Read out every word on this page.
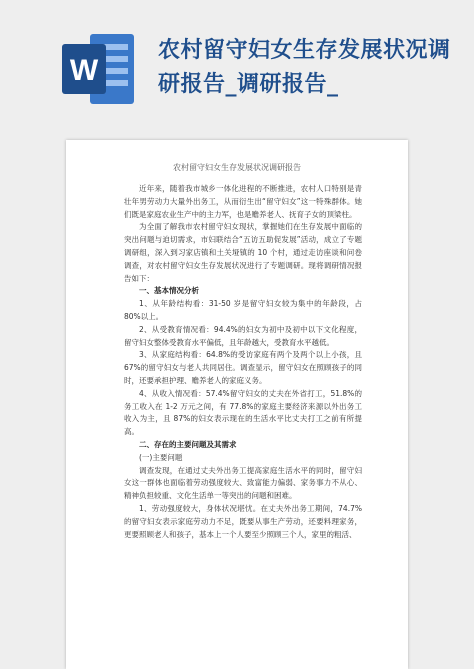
W
农村留守妇女生存发展状况调研报告_调研报告_
农村留守妇女生存发展状况调研报告

近年来，随着我市城乡一体化进程的不断推进，农村人口特别是青壮年男劳动力大量外出务工，从而衍生出“留守妇女”这一特殊群体。她们既是家庭农业生产中的主力军，也是赡养老人、抚育子女的顶梁柱。

为全面了解我市农村留守妇女现状，掌握她们在生存发展中面临的突出问题与迫切需求，市妇联结合“五访五助促发展”活动，成立了专题调研组，深入到习家店镇和土关垭镇的 10 个村，通过走访座谈和问卷调查，对农村留守妇女生存发展状况进行了专题调研。现将调研情况报告如下：

一、基本情况分析

1、从年龄结构看：31-50 岁是留守妇女较为集中的年龄段，占80%以上。

2、从受教育情况看：94.4%的妇女为初中及初中以下文化程度，留守妇女整体受教育水平偏低，且年龄越大，受教育水平越低。

3、从家庭结构看：64.8%的受访家庭有两个及两个以上小孩，且67%的留守妇女与老人共同居住。调查显示，留守妇女在照顾孩子的同时，还要承担护理、赡养老人的家庭义务。

4、从收入情况看：57.4%留守妇女的丈夫在外省打工，51.8%的务工收入在 1-2 万元之间，有 77.8%的家庭主要经济来源以外出务工收入为主，且 87%的妇女表示现在的生活水平比丈夫打工之前有所提高。

二、存在的主要问题及其需求

(一)主要问题

调查发现，在通过丈夫外出务工提高家庭生活水平的同时，留守妇女这一群体也面临着劳动强度较大、致富能力偏弱、家务事力不从心、精神负担较重、文化生活单一等突出的问题和困难。

1、劳动强度较大，身体状况堪忧。在丈夫外出务工期间，74.7%的留守妇女表示家庭劳动力不足，既要从事生产劳动，还要料理家务，更要照顾老人和孩子，基本上一个人要至少照顾三个人，家里的粗活、
